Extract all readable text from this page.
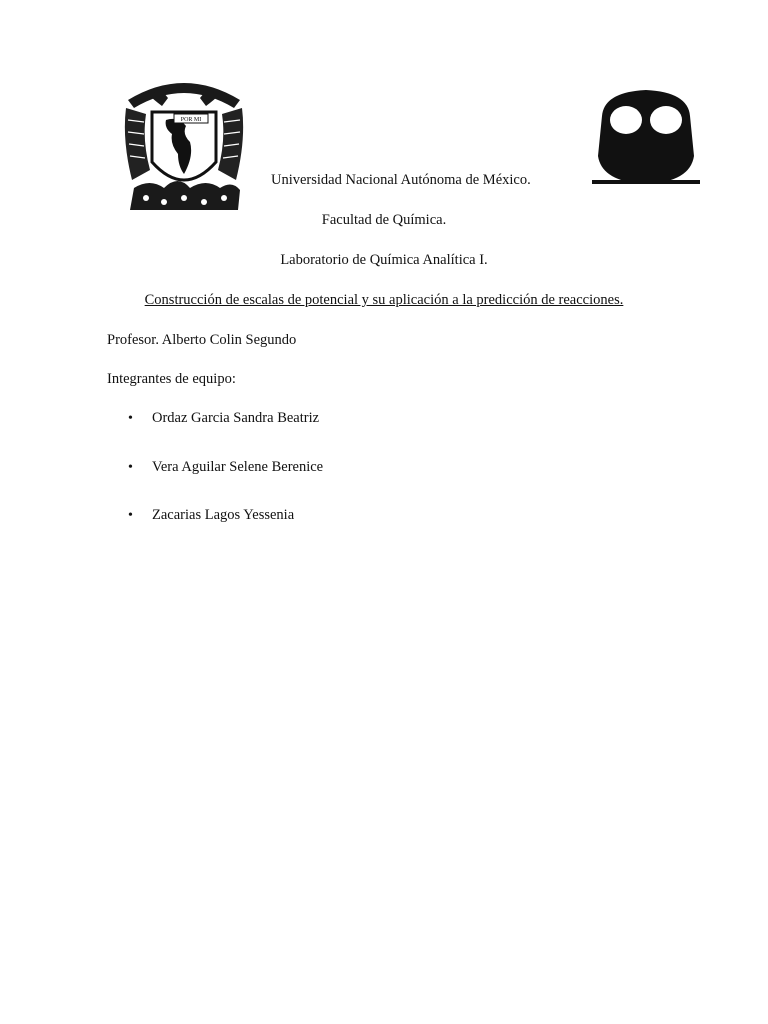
POR MI
Universidad Nacional Autónoma de México.
Facultad de Química.
Laboratorio de Química Analítica I.
Construcción de escalas de potencial y su aplicación a la predicción de reacciones.
Profesor. Alberto Colin Segundo
Integrantes de equipo:
• Ordaz Garcia Sandra Beatriz
• Vera Aguilar Selene Berenice
• Zacarias Lagos Yessenia
